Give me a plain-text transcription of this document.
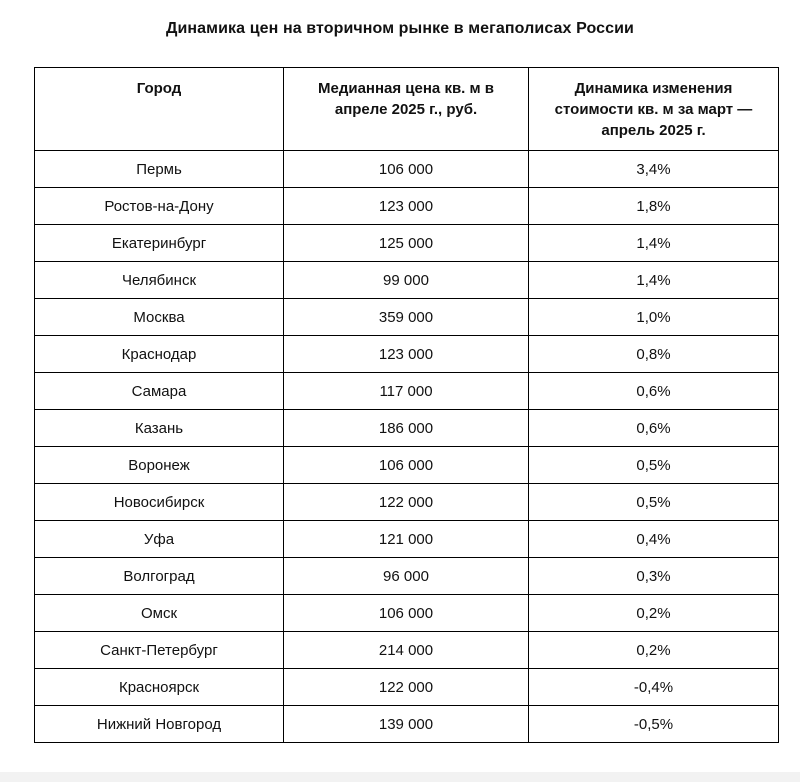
Динамика цен на вторичном рынке в мегаполисах России
Город	Медианная цена кв. м в апреле 2025 г., руб.	Динамика изменения стоимости кв. м за март — апрель 2025 г.
Пермь	106 000	3,4%
Ростов-на-Дону	123 000	1,8%
Екатеринбург	125 000	1,4%
Челябинск	99 000	1,4%
Москва	359 000	1,0%
Краснодар	123 000	0,8%
Самара	117 000	0,6%
Казань	186 000	0,6%
Воронеж	106 000	0,5%
Новосибирск	122 000	0,5%
Уфа	121 000	0,4%
Волгоград	96 000	0,3%
Омск	106 000	0,2%
Санкт-Петербург	214 000	0,2%
Красноярск	122 000	-0,4%
Нижний Новгород	139 000	-0,5%
